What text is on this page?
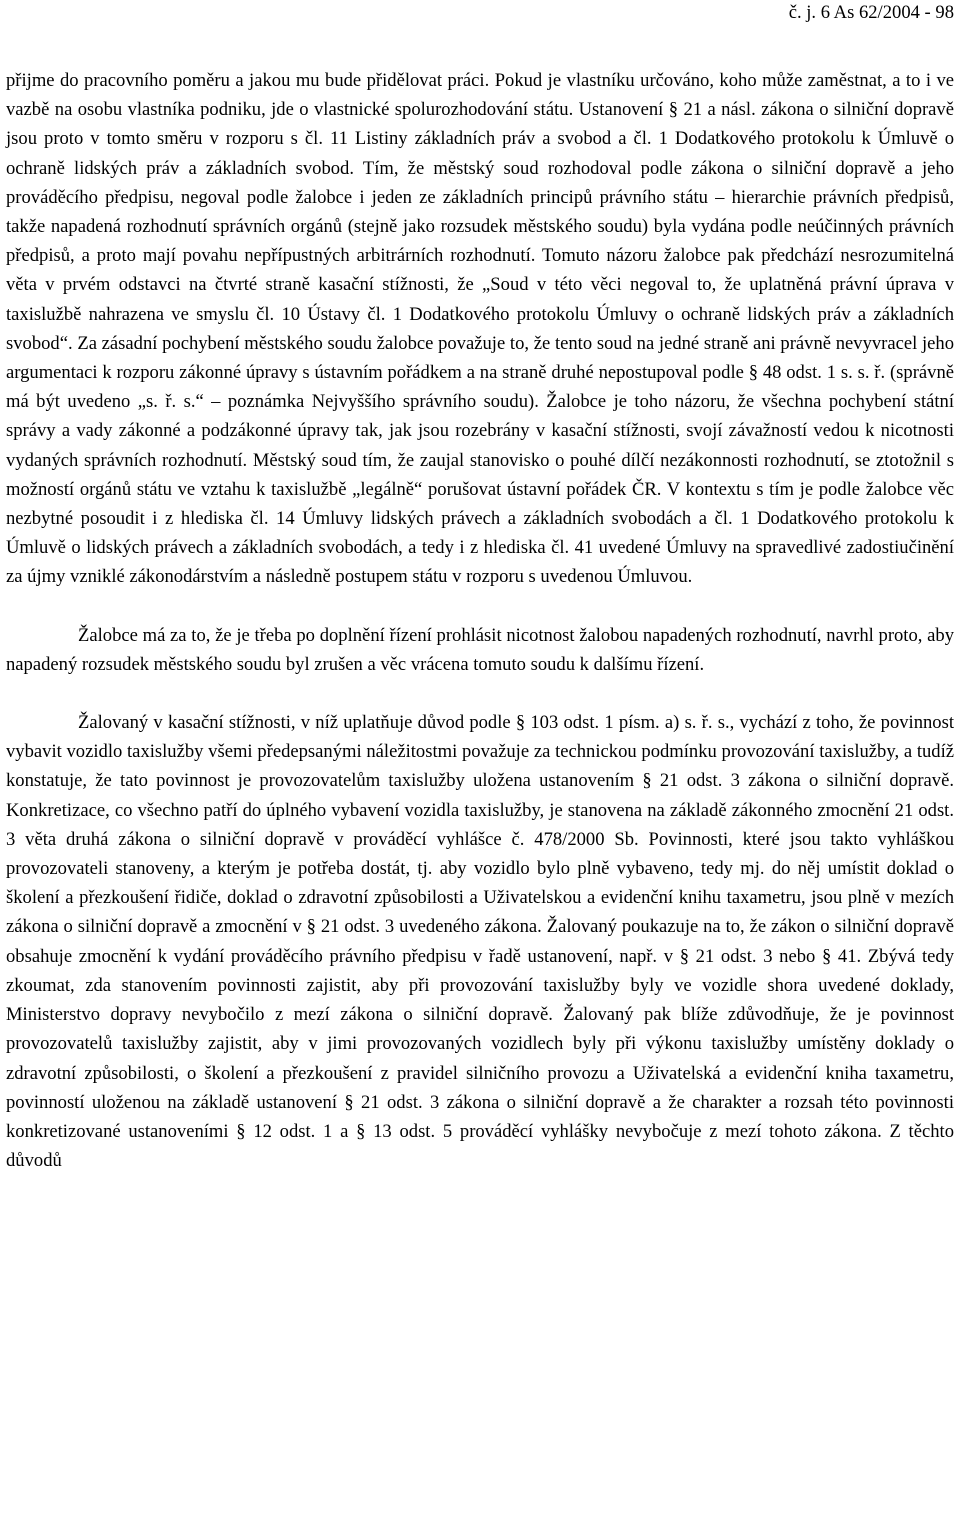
č. j. 6 As 62/2004 - 98

přijme do pracovního poměru a jakou mu bude přidělovat práci. Pokud je vlastníku určováno, koho může zaměstnat, a to i ve vazbě na osobu vlastníka podniku, jde o vlastnické spolurozhodování státu. Ustanovení § 21 a násl. zákona o silniční dopravě jsou proto v tomto směru v rozporu s čl. 11 Listiny základních práv a svobod a čl. 1 Dodatkového protokolu k Úmluvě o ochraně lidských práv a základních svobod. Tím, že městský soud rozhodoval podle zákona o silniční dopravě a jeho prováděcího předpisu, negoval podle žalobce i jeden ze základních principů právního státu – hierarchie právních předpisů, takže napadená rozhodnutí správních orgánů (stejně jako rozsudek městského soudu) byla vydána podle neúčinných právních předpisů, a proto mají povahu nepřípustných arbitrárních rozhodnutí. Tomuto názoru žalobce pak předchází nesrozumitelná věta v prvém odstavci na čtvrté straně kasační stížnosti, že „Soud v této věci negoval to, že uplatněná právní úprava v taxislužbě nahrazena ve smyslu čl. 10 Ústavy čl. 1 Dodatkového protokolu Úmluvy o ochraně lidských práv a základních svobod“. Za zásadní pochybení městského soudu žalobce považuje to, že tento soud na jedné straně ani právně nevyvracel jeho argumentaci k rozporu zákonné úpravy s ústavním pořádkem a na straně druhé nepostupoval podle § 48 odst. 1 s. s. ř. (správně má být uvedeno „s. ř. s.“ – poznámka Nejvyššího správního soudu). Žalobce je toho názoru, že všechna pochybení státní správy a vady zákonné a podzákonné úpravy tak, jak jsou rozebrány v kasační stížnosti, svojí závažností vedou k nicotnosti vydaných správních rozhodnutí. Městský soud tím, že zaujal stanovisko o pouhé dílčí nezákonnosti rozhodnutí, se ztotožnil s možností orgánů státu ve vztahu k taxislužbě „legálně“ porušovat ústavní pořádek ČR. V kontextu s tím je podle žalobce věc nezbytné posoudit i z hlediska čl. 14 Úmluvy lidských právech a základních svobodách a čl. 1 Dodatkového protokolu k Úmluvě o lidských právech a základních svobodách, a tedy i z hlediska čl. 41 uvedené Úmluvy na spravedlivé zadostiučinění za újmy vzniklé zákonodárstvím a následně postupem státu v rozporu s uvedenou Úmluvou.

Žalobce má za to, že je třeba po doplnění řízení prohlásit nicotnost žalobou napadených rozhodnutí, navrhl proto, aby napadený rozsudek městského soudu byl zrušen a věc vrácena tomuto soudu k dalšímu řízení.

Žalovaný v kasační stížnosti, v níž uplatňuje důvod podle § 103 odst. 1 písm. a) s. ř. s., vychází z toho, že povinnost vybavit vozidlo taxislužby všemi předepsanými náležitostmi považuje za technickou podmínku provozování taxislužby, a tudíž konstatuje, že tato povinnost je provozovatelům taxislužby uložena ustanovením § 21 odst. 3 zákona o silniční dopravě. Konkretizace, co všechno patří do úplného vybavení vozidla taxislužby, je stanovena na základě zákonného zmocnění 21 odst. 3 věta druhá zákona o silniční dopravě v prováděcí vyhlášce č. 478/2000 Sb. Povinnosti, které jsou takto vyhláškou provozovateli stanoveny, a kterým je potřeba dostát, tj. aby vozidlo bylo plně vybaveno, tedy mj. do něj umístit doklad o školení a přezkoušení řidiče, doklad o zdravotní způsobilosti a Uživatelskou a evidenční knihu taxametru, jsou plně v mezích zákona o silniční dopravě a zmocnění v § 21 odst. 3 uvedeného zákona. Žalovaný poukazuje na to, že zákon o silniční dopravě obsahuje zmocnění k vydání prováděcího právního předpisu v řadě ustanovení, např. v § 21 odst. 3 nebo § 41. Zbývá tedy zkoumat, zda stanovením povinnosti zajistit, aby při provozování taxislužby byly ve vozidle shora uvedené doklady, Ministerstvo dopravy nevybočilo z mezí zákona o silniční dopravě. Žalovaný pak blíže zdůvodňuje, že je povinnost provozovatelů taxislužby zajistit, aby v jimi provozovaných vozidlech byly při výkonu taxislužby umístěny doklady o zdravotní způsobilosti, o školení a přezkoušení z pravidel silničního provozu a Uživatelská a evidenční kniha taxametru, povinností uloženou na základě ustanovení § 21 odst. 3 zákona o silniční dopravě a že charakter a rozsah této povinnosti konkretizované ustanoveními § 12 odst. 1 a § 13 odst. 5 prováděcí vyhlášky nevybočuje z mezí tohoto zákona. Z těchto důvodů
